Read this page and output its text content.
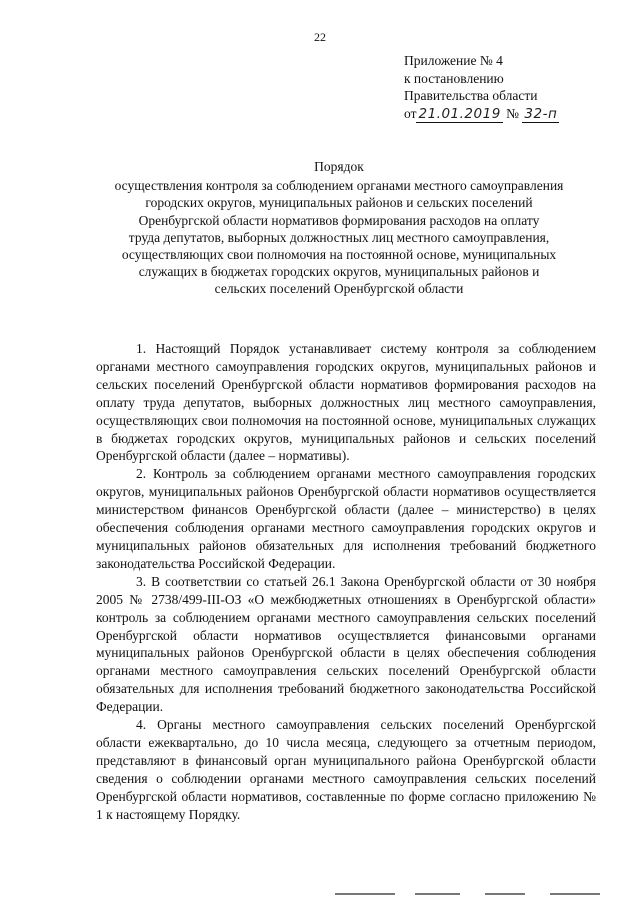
22
Приложение № 4
к постановлению
Правительства области
от 21.01.2019 № 32-п
Порядок
осуществления контроля за соблюдением органами местного самоуправления
городских округов, муниципальных районов и сельских поселений
Оренбургской области нормативов формирования расходов на оплату
труда депутатов, выборных должностных лиц местного самоуправления,
осуществляющих свои полномочия на постоянной основе, муниципальных
служащих в бюджетах городских округов, муниципальных районов и
сельских поселений Оренбургской области

1. Настоящий Порядок устанавливает систему контроля за соблюдением органами местного самоуправления городских округов, муниципальных районов и сельских поселений Оренбургской области нормативов формирования расходов на оплату труда депутатов, выборных должностных лиц местного самоуправления, осуществляющих свои полномочия на постоянной основе, муниципальных служащих в бюджетах городских округов, муниципальных районов и сельских поселений Оренбургской области (далее – нормативы).

2. Контроль за соблюдением органами местного самоуправления городских округов, муниципальных районов Оренбургской области нормативов осуществляется министерством финансов Оренбургской области (далее – министерство) в целях обеспечения соблюдения органами местного самоуправления городских округов и муниципальных районов обязательных для исполнения требований бюджетного законодательства Российской Федерации.

3. В соответствии со статьей 26.1 Закона Оренбургской области от 30 ноября 2005 № 2738/499-III-ОЗ «О межбюджетных отношениях в Оренбургской области» контроль за соблюдением органами местного самоуправления сельских поселений Оренбургской области нормативов осуществляется финансовыми органами муниципальных районов Оренбургской области в целях обеспечения соблюдения органами местного самоуправления сельских поселений Оренбургской области обязательных для исполнения требований бюджетного законодательства Российской Федерации.

4. Органы местного самоуправления сельских поселений Оренбургской области ежеквартально, до 10 числа месяца, следующего за отчетным периодом, представляют в финансовый орган муниципального района Оренбургской области сведения о соблюдении органами местного самоуправления сельских поселений Оренбургской области нормативов, составленные по форме согласно приложению № 1 к настоящему Порядку.
